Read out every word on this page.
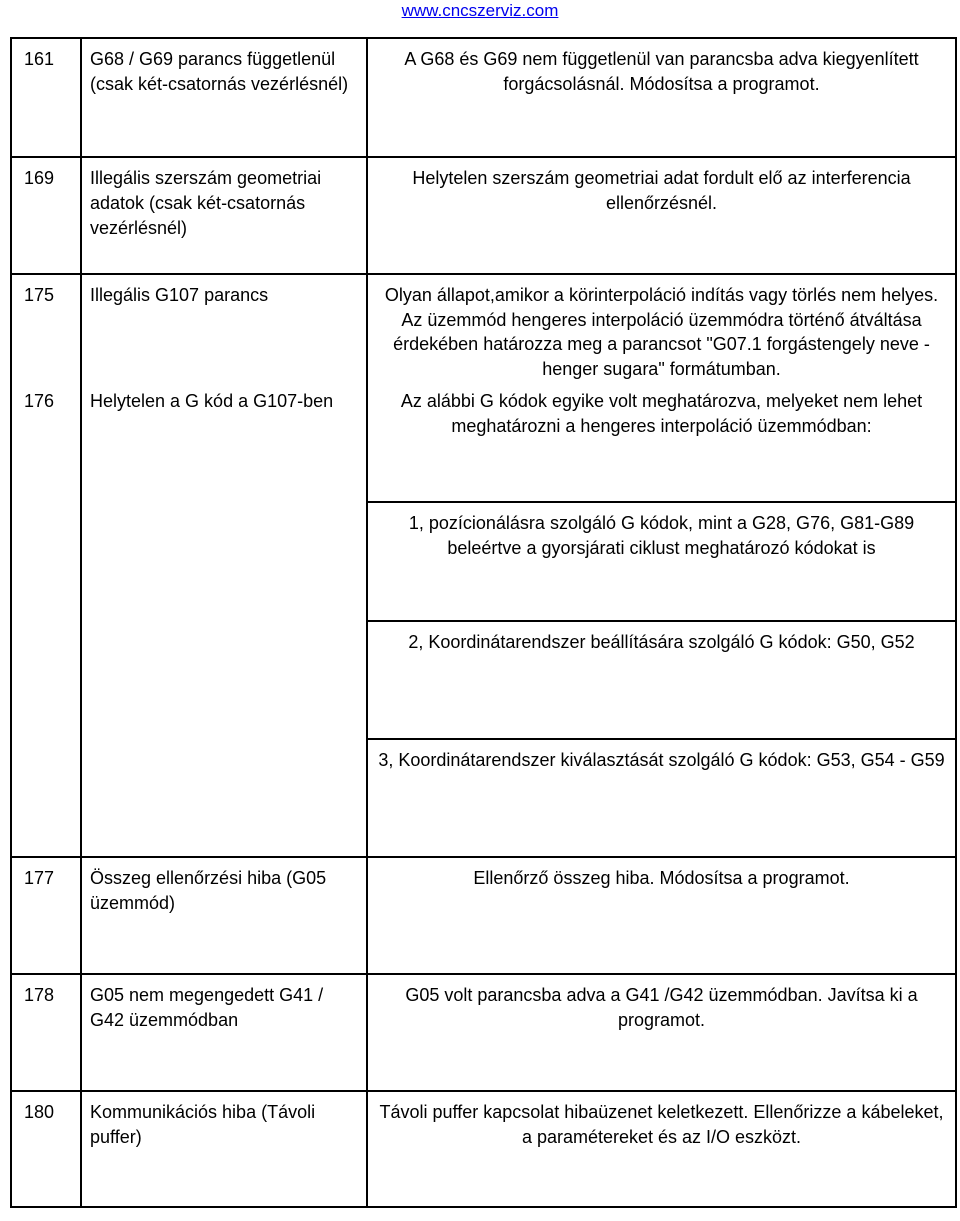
www.cncszerviz.com
161	G68 / G69 parancs függetlenül (csak két-csatornás vezérlésnél)	A G68 és G69 nem függetlenül van parancsba adva kiegyenlített forgácsolásnál. Módosítsa a programot.
169	Illegális szerszám geometriai adatok (csak két-csatornás vezérlésnél)	Helytelen szerszám geometriai adat fordult elő az interferencia ellenőrzésnél.
175	Illegális G107 parancs	Olyan állapot,amikor a körinterpoláció indítás vagy törlés nem helyes. Az üzemmód hengeres interpoláció üzemmódra történő átváltása érdekében határozza meg a parancsot "G07.1 forgástengely neve - henger sugara" formátumban.
176	Helytelen a G kód a G107-ben	Az alábbi G kódok egyike volt meghatározva, melyeket nem lehet meghatározni a hengeres interpoláció üzemmódban:
		1, pozícionálásra szolgáló G kódok, mint a G28, G76, G81-G89 beleértve a gyorsjárati ciklust meghatározó kódokat is
		2, Koordinátarendszer beállítására szolgáló G kódok: G50, G52
		3, Koordinátarendszer kiválasztását szolgáló G kódok: G53, G54 - G59
177	Összeg ellenőrzési hiba (G05 üzemmód)	Ellenőrző összeg hiba. Módosítsa a programot.
178	G05 nem megengedett G41 / G42 üzemmódban	G05 volt parancsba adva a G41 /G42 üzemmódban. Javítsa ki a programot.
180	Kommunikációs hiba (Távoli puffer)	Távoli puffer kapcsolat hibaüzenet keletkezett. Ellenőrizze a kábeleket, a paramétereket és az I/O eszközt.
